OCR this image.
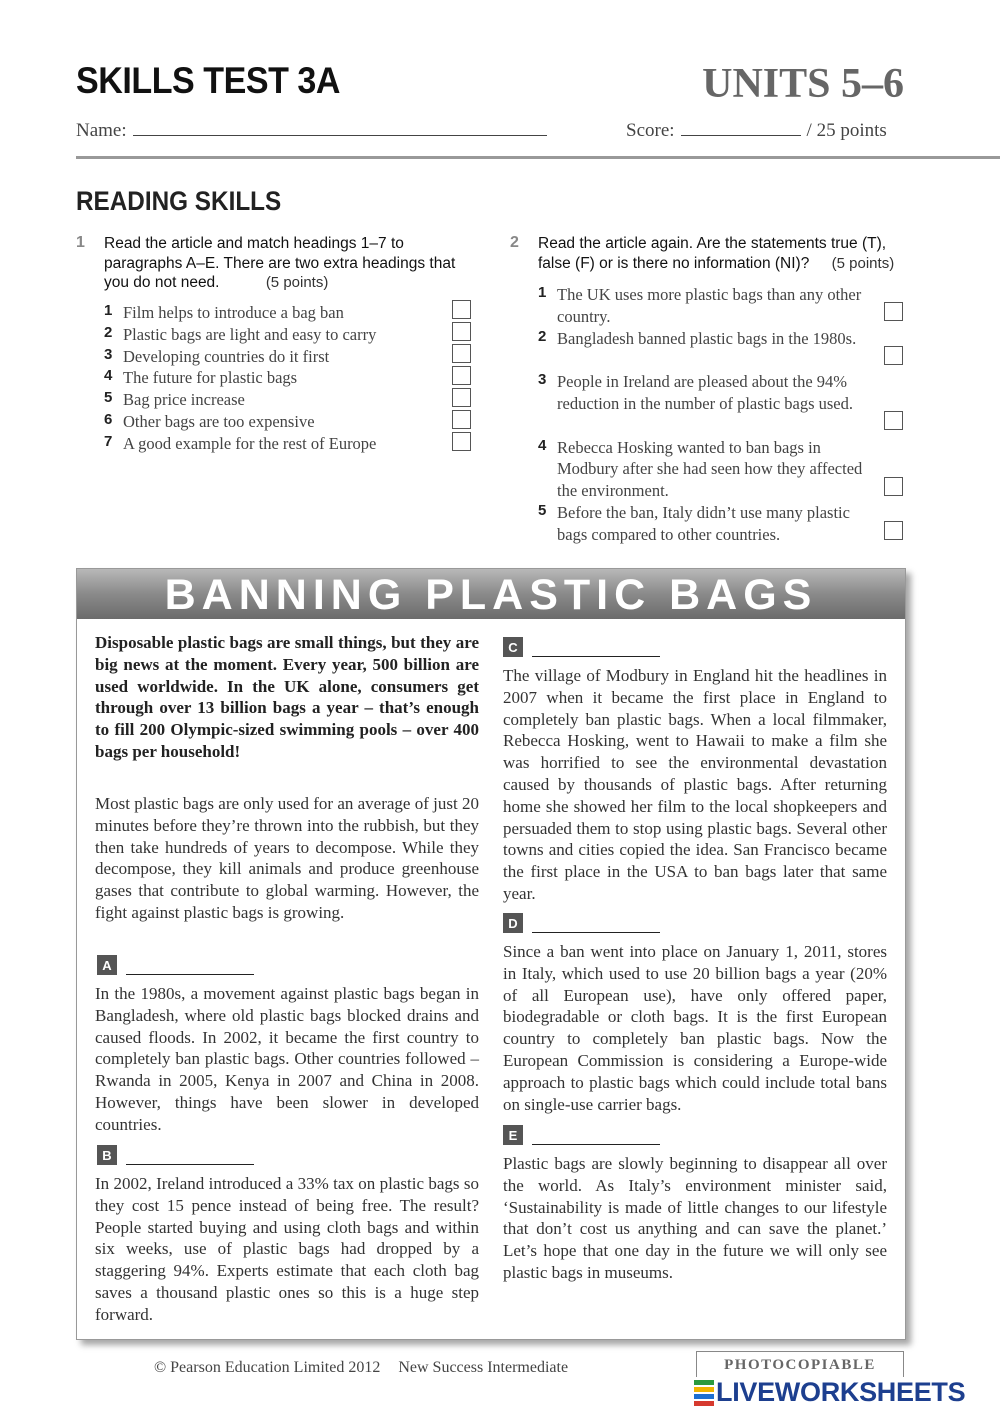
SKILLS TEST 3A	UNITS 5–6
Name:	Score:	/ 25 points
READING SKILLS
1 Read the article and match headings 1–7 to paragraphs A–E. There are two extra headings that you do not need.	(5 points)
1 Film helps to introduce a bag ban
2 Plastic bags are light and easy to carry
3 Developing countries do it first
4 The future for plastic bags
5 Bag price increase
6 Other bags are too expensive
7 A good example for the rest of Europe
2 Read the article again. Are the statements true (T), false (F) or is there no information (NI)? (5 points)
1 The UK uses more plastic bags than any other country.
2 Bangladesh banned plastic bags in the 1980s.
3 People in Ireland are pleased about the 94% reduction in the number of plastic bags used.
4 Rebecca Hosking wanted to ban bags in Modbury after she had seen how they affected the environment.
5 Before the ban, Italy didn’t use many plastic bags compared to other countries.
BANNING PLASTIC BAGS

Disposable plastic bags are small things, but they are big news at the moment. Every year, 500 billion are used worldwide. In the UK alone, consumers get through over 13 billion bags a year – that’s enough to fill 200 Olympic-sized swimming pools – over 400 bags per household!

Most plastic bags are only used for an average of just 20 minutes before they’re thrown into the rubbish, but they then take hundreds of years to decompose. While they decompose, they kill animals and produce greenhouse gases that contribute to global warming. However, the fight against plastic bags is growing.

A

In the 1980s, a movement against plastic bags began in Bangladesh, where old plastic bags blocked drains and caused floods. In 2002, it became the first country to completely ban plastic bags. Other countries followed – Rwanda in 2005, Kenya in 2007 and China in 2008. However, things have been slower in developed countries.

B

In 2002, Ireland introduced a 33% tax on plastic bags so they cost 15 pence instead of being free. The result? People started buying and using cloth bags and within six weeks, use of plastic bags had dropped by a staggering 94%. Experts estimate that each cloth bag saves a thousand plastic ones so this is a huge step forward.

C

The village of Modbury in England hit the headlines in 2007 when it became the first place in England to completely ban plastic bags. When a local filmmaker, Rebecca Hosking, went to Hawaii to make a film she was horrified to see the environmental devastation caused by thousands of plastic bags. After returning home she showed her film to the local shopkeepers and persuaded them to stop using plastic bags. Several other towns and cities copied the idea. San Francisco became the first place in the USA to ban bags later that same year.

D

Since a ban went into place on January 1, 2011, stores in Italy, which used to use 20 billion bags a year (20% of all European use), have only offered paper, biodegradable or cloth bags. It is the first European country to completely ban plastic bags. Now the European Commission is considering a Europe-wide approach to plastic bags which could include total bans on single-use carrier bags.

E

Plastic bags are slowly beginning to disappear all over the world. As Italy’s environment minister said, ‘Sustainability is made of little changes to our lifestyle that don’t cost us anything and can save the planet.’ Let’s hope that one day in the future we will only see plastic bags in museums.

© Pearson Education Limited 2012 New Success Intermediate	PHOTOCOPIABLE
LIVEWORKSHEETS
